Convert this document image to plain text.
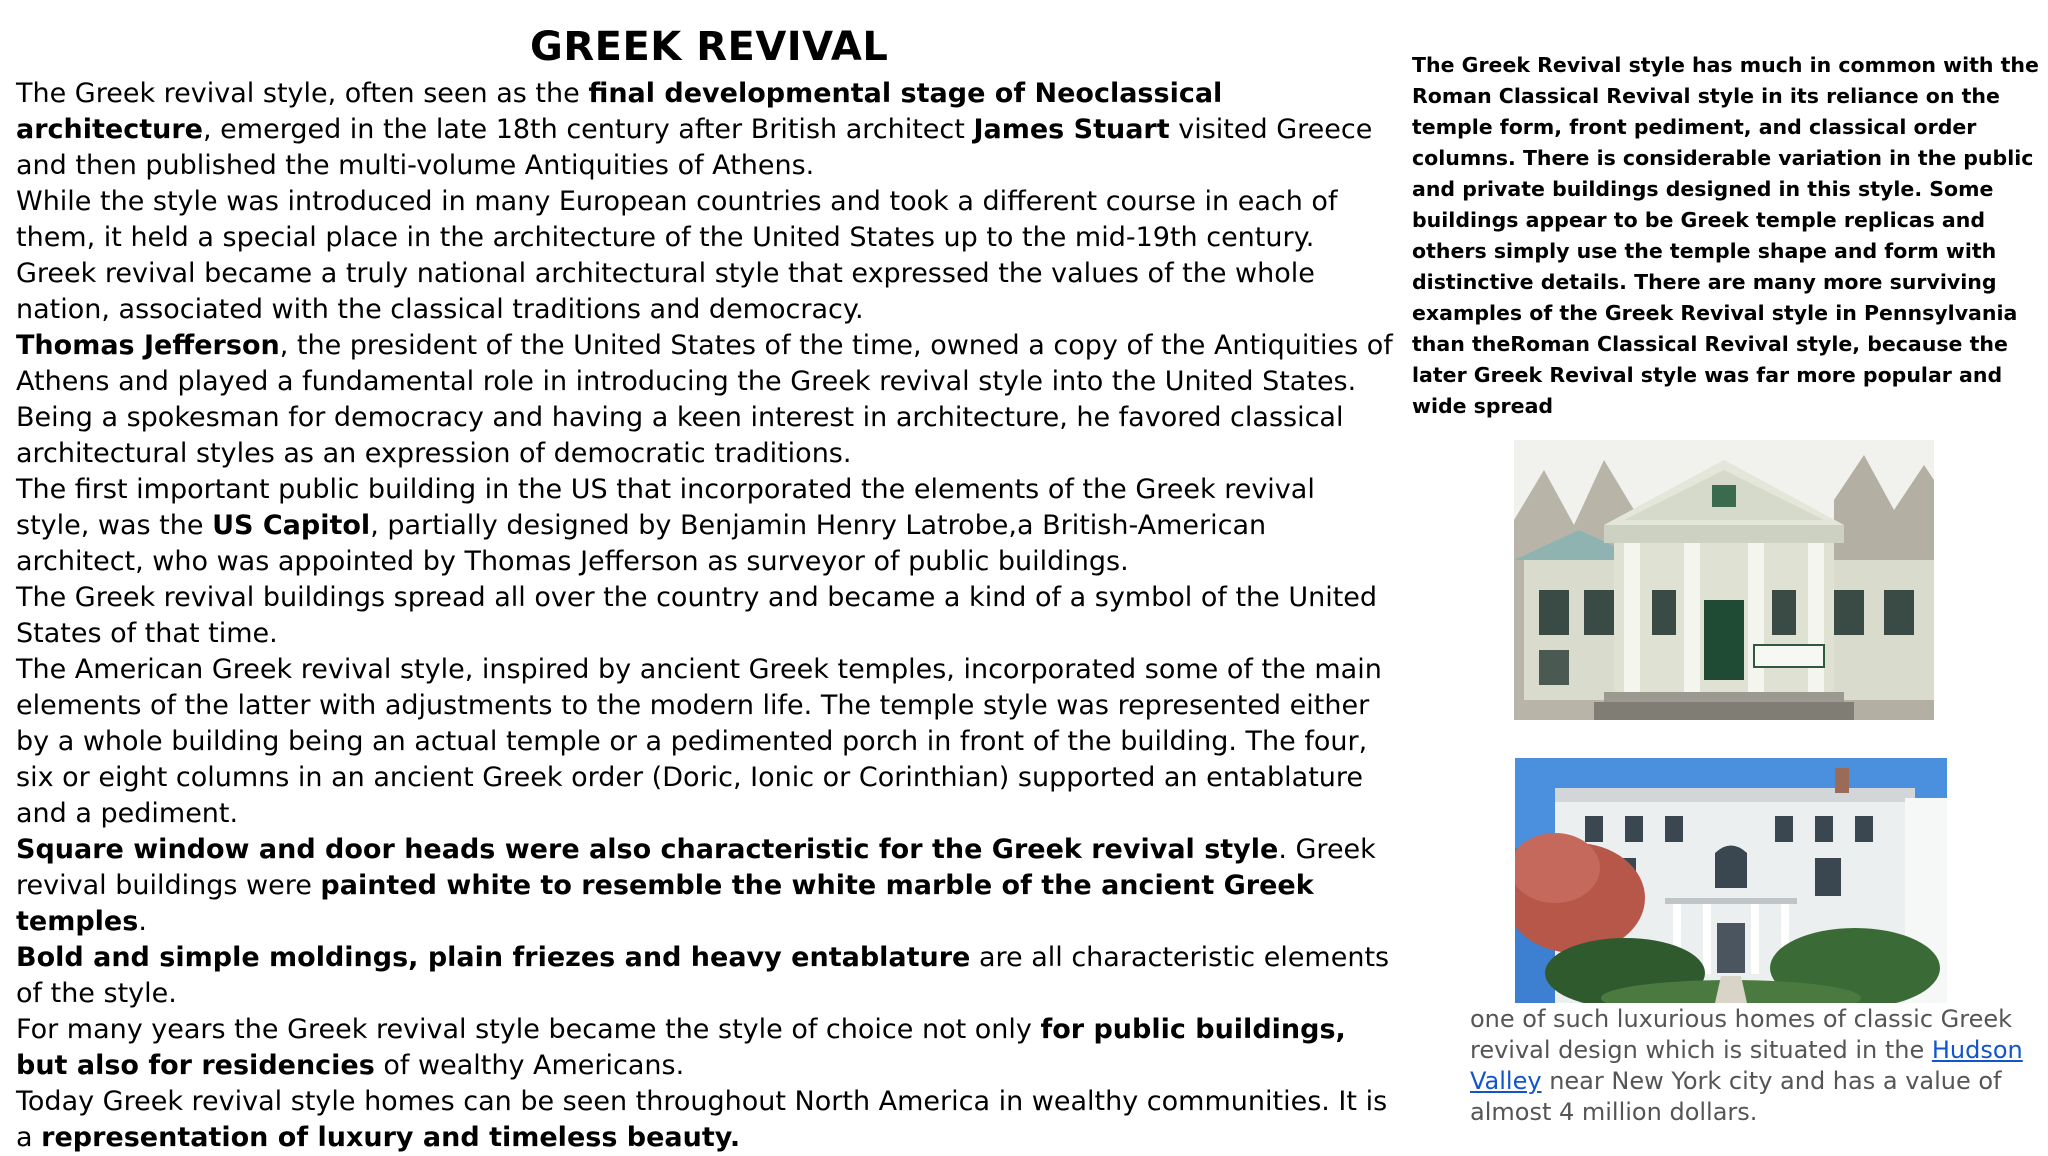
GREEK REVIVAL

The Greek revival style, often seen as the final developmental stage of Neoclassical architecture, emerged in the late 18th century after British architect James Stuart visited Greece and then published the multi-volume Antiquities of Athens.

While the style was introduced in many European countries and took a different course in each of them, it held a special place in the architecture of the United States up to the mid-19th century. Greek revival became a truly national architectural style that expressed the values of the whole nation, associated with the classical traditions and democracy.

Thomas Jefferson, the president of the United States of the time, owned a copy of the Antiquities of Athens and played a fundamental role in introducing the Greek revival style into the United States. Being a spokesman for democracy and having a keen interest in architecture, he favored classical architectural styles as an expression of democratic traditions.

The first important public building in the US that incorporated the elements of the Greek revival style, was the US Capitol, partially designed by Benjamin Henry Latrobe,a British-American architect, who was appointed by Thomas Jefferson as surveyor of public buildings.

The Greek revival buildings spread all over the country and became a kind of a symbol of the United States of that time.

The American Greek revival style, inspired by ancient Greek temples, incorporated some of the main elements of the latter with adjustments to the modern life. The temple style was represented either by a whole building being an actual temple or a pedimented porch in front of the building. The four, six or eight columns in an ancient Greek order (Doric, Ionic or Corinthian) supported an entablature and a pediment.

Square window and door heads were also characteristic for the Greek revival style. Greek revival buildings were painted white to resemble the white marble of the ancient Greek temples.

Bold and simple moldings, plain friezes and heavy entablature are all characteristic elements of the style.

For many years the Greek revival style became the style of choice not only for public buildings, but also for residencies of wealthy Americans.

Today Greek revival style homes can be seen throughout North America in wealthy communities. It is a representation of luxury and timeless beauty.

The Greek Revival style has much in common with the Roman Classical Revival style in its reliance on the temple form, front pediment, and classical order columns. There is considerable variation in the public and private buildings designed in this style. Some buildings appear to be Greek temple replicas and others simply use the temple shape and form with distinctive details. There are many more surviving examples of the Greek Revival style in Pennsylvania than theRoman Classical Revival style, because the later Greek Revival style was far more popular and wide spread
one of such luxurious homes of classic Greek revival design which is situated in the Hudson Valley near New York city and has a value of almost 4 million dollars.
